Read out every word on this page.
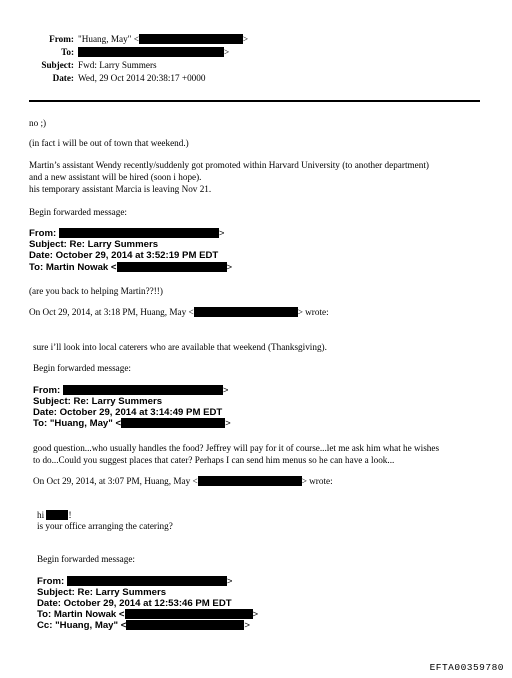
From: "Huang, May" <	>
To:	>
Subject: Fwd: Larry Summers
Date: Wed, 29 Oct 2014 20:38:17 +0000
no ;)
(in fact i will be out of town that weekend.)
Martin’s assistant Wendy recently/suddenly got promoted within Harvard University (to another department)
and a new assistant will be hired (soon i hope).
his temporary assistant Marcia is leaving Nov 21.
Begin forwarded message:
From:	>
Subject: Re: Larry Summers
Date: October 29, 2014 at 3:52:19 PM EDT
To: Martin Nowak <	>
(are you back to helping Martin??!!)
On Oct 29, 2014, at 3:18 PM, Huang, May <	> wrote:
sure i’ll look into local caterers who are available that weekend (Thanksgiving).
Begin forwarded message:
From:	>
Subject: Re: Larry Summers
Date: October 29, 2014 at 3:14:49 PM EDT
To: "Huang, May" <	>
good question...who usually handles the food? Jeffrey will pay for it of course...let me ask him what he wishes
to do...Could you suggest places that cater? Perhaps I can send him menus so he can have a look...
On Oct 29, 2014, at 3:07 PM, Huang, May <	> wrote:
hi	!
is your office arranging the catering?
Begin forwarded message:
From:	>
Subject: Re: Larry Summers
Date: October 29, 2014 at 12:53:46 PM EDT
To: Martin Nowak <	>
Cc: "Huang, May" <	>
EFTA00359780
